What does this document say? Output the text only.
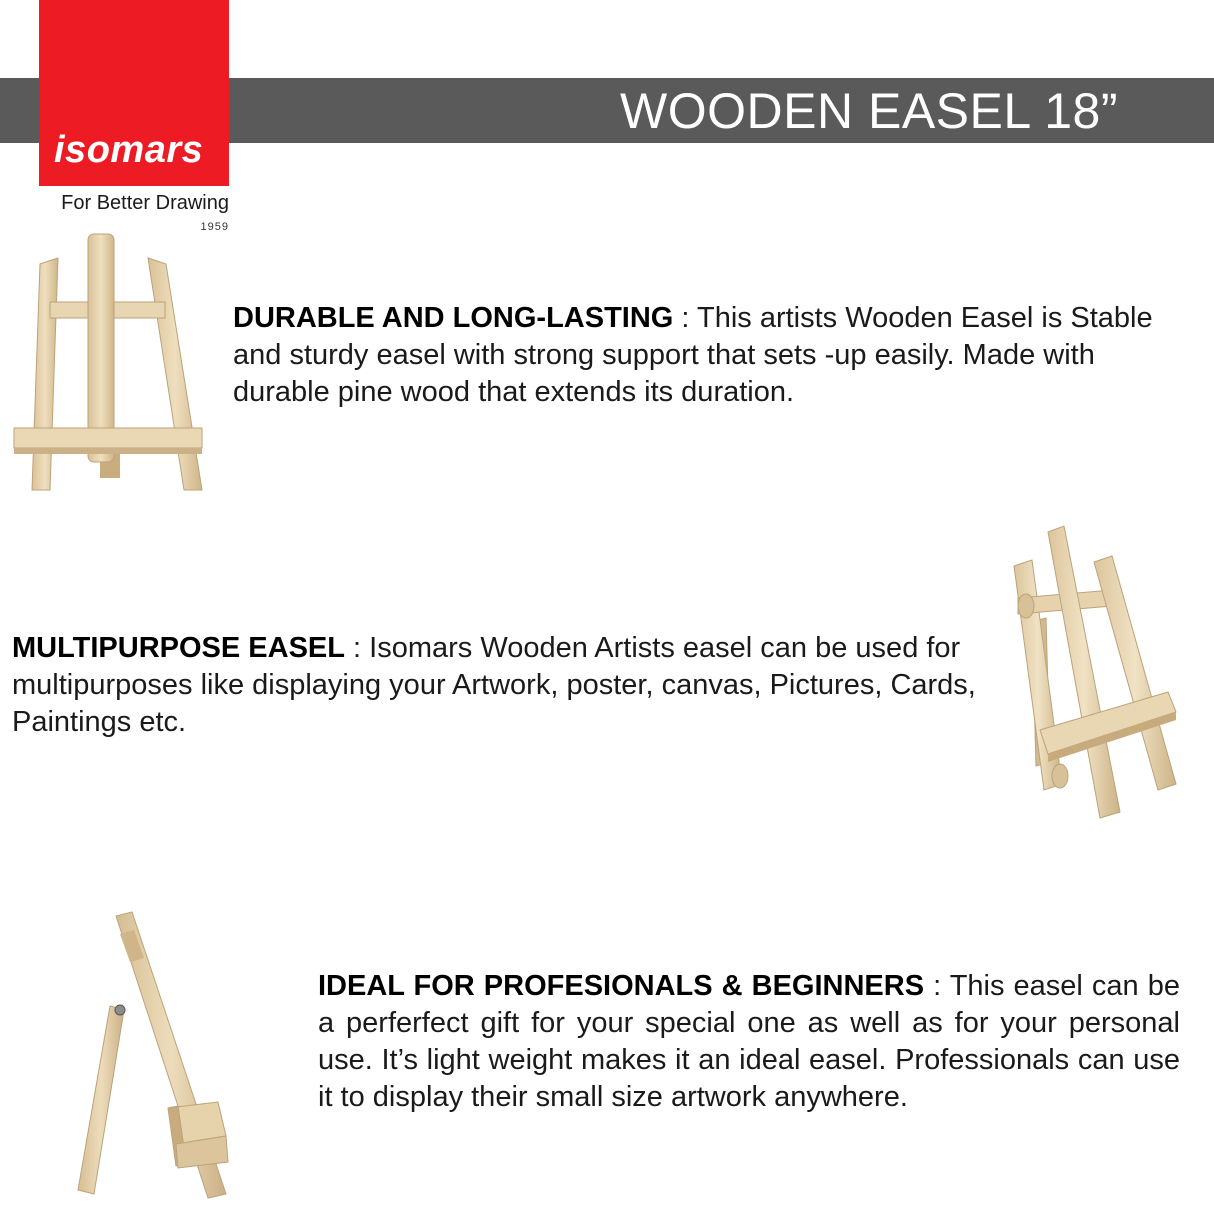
WOODEN EASEL 18”
isomars
For Better Drawing
1959
DURABLE AND LONG-LASTING : This artists Wooden Easel is Stable and sturdy easel with strong support that sets -up easily. Made with durable pine wood that extends its duration.
MULTIPURPOSE EASEL : Isomars Wooden Artists easel can be used for multipurposes like displaying your Artwork, poster, canvas, Pictures, Cards, Paintings etc.
IDEAL FOR PROFESIONALS & BEGINNERS : This easel can be a perferfect gift for your special one as well as for your personal use. It’s light weight makes it an ideal easel. Professionals can use it to display their small size artwork anywhere.
